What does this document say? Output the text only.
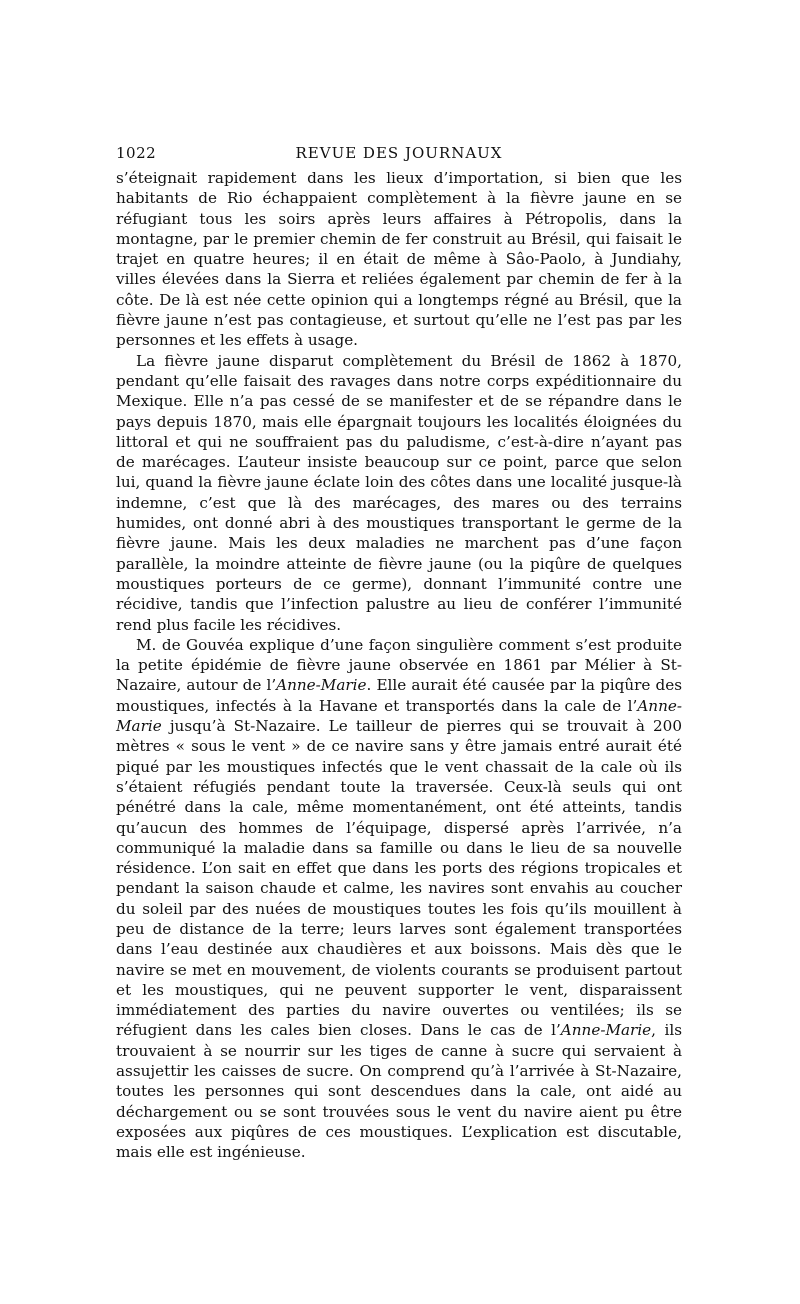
1022	REVUE DES JOURNAUX

s’éteignait rapidement dans les lieux d’importation, si bien que les habitants de Rio échappaient complètement à la fièvre jaune en se réfugiant tous les soirs après leurs affaires à Pétropolis, dans la montagne, par le premier chemin de fer construit au Brésil, qui faisait le trajet en quatre heures; il en était de même à Sâo-Paolo, à Jundiahy, villes élevées dans la Sierra et reliées également par chemin de fer à la côte. De là est née cette opinion qui a longtemps régné au Brésil, que la fièvre jaune n’est pas contagieuse, et surtout qu’elle ne l’est pas par les personnes et les effets à usage.

La fièvre jaune disparut complètement du Brésil de 1862 à 1870, pendant qu’elle faisait des ravages dans notre corps expéditionnaire du Mexique. Elle n’a pas cessé de se manifester et de se répandre dans le pays depuis 1870, mais elle épargnait toujours les localités éloignées du littoral et qui ne souffraient pas du paludisme, c’est-à-dire n’ayant pas de marécages. L’auteur insiste beaucoup sur ce point, parce que selon lui, quand la fièvre jaune éclate loin des côtes dans une localité jusque-là indemne, c’est que là des marécages, des mares ou des terrains humides, ont donné abri à des moustiques transportant le germe de la fièvre jaune. Mais les deux maladies ne marchent pas d’une façon parallèle, la moindre atteinte de fièvre jaune (ou la piqûre de quelques moustiques porteurs de ce germe), donnant l’immunité contre une récidive, tandis que l’infection palustre au lieu de conférer l’immunité rend plus facile les récidives.

M. de Gouvéa explique d’une façon singulière comment s’est produite la petite épidémie de fièvre jaune observée en 1861 par Mélier à St-Nazaire, autour de l’Anne-Marie. Elle aurait été causée par la piqûre des moustiques, infectés à la Havane et transportés dans la cale de l’Anne-Marie jusqu’à St-Nazaire. Le tailleur de pierres qui se trouvait à 200 mètres « sous le vent » de ce navire sans y être jamais entré aurait été piqué par les moustiques infectés que le vent chassait de la cale où ils s’étaient réfugiés pendant toute la traversée. Ceux-là seuls qui ont pénétré dans la cale, même momentanément, ont été atteints, tandis qu’aucun des hommes de l’équipage, dispersé après l’arrivée, n’a communiqué la maladie dans sa famille ou dans le lieu de sa nouvelle résidence. L’on sait en effet que dans les ports des régions tropicales et pendant la saison chaude et calme, les navires sont envahis au coucher du soleil par des nuées de moustiques toutes les fois qu’ils mouillent à peu de distance de la terre; leurs larves sont également transportées dans l’eau destinée aux chaudières et aux boissons. Mais dès que le navire se met en mouvement, de violents courants se produisent partout et les moustiques, qui ne peuvent supporter le vent, disparaissent immédiatement des parties du navire ouvertes ou ventilées; ils se réfugient dans les cales bien closes. Dans le cas de l’Anne-Marie, ils trouvaient à se nourrir sur les tiges de canne à sucre qui servaient à assujettir les caisses de sucre. On comprend qu’à l’arrivée à St-Nazaire, toutes les personnes qui sont descendues dans la cale, ont aidé au déchargement ou se sont trouvées sous le vent du navire aient pu être exposées aux piqûres de ces moustiques. L’explication est discutable, mais elle est ingénieuse.
